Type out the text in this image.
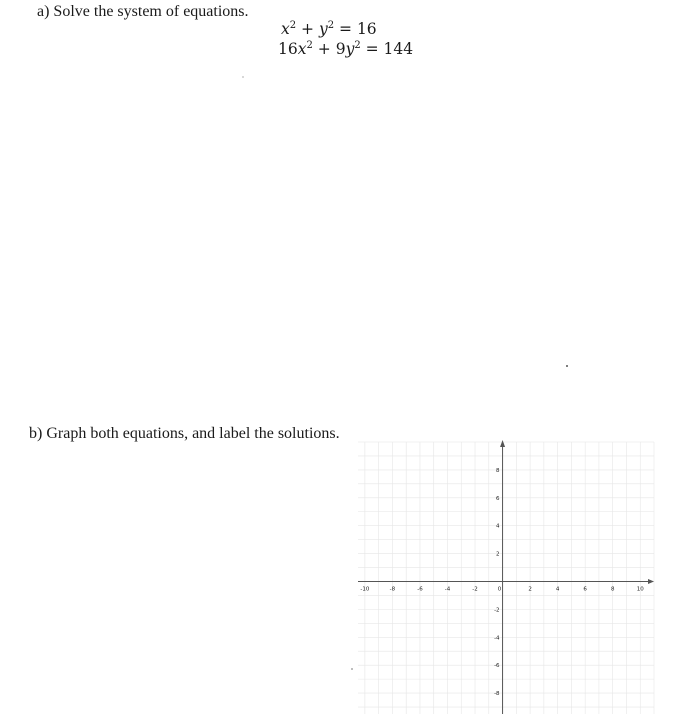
a) Solve the system of equations.
$x^2 + y^2 = 16$
$16x^2 + 9y^2 = 144$
b) Graph both equations, and label the solutions.
-10	-8	-6	-4	-2	0	2	4	6	8	10
8
6
4
2
-2
-4
-6
-8
